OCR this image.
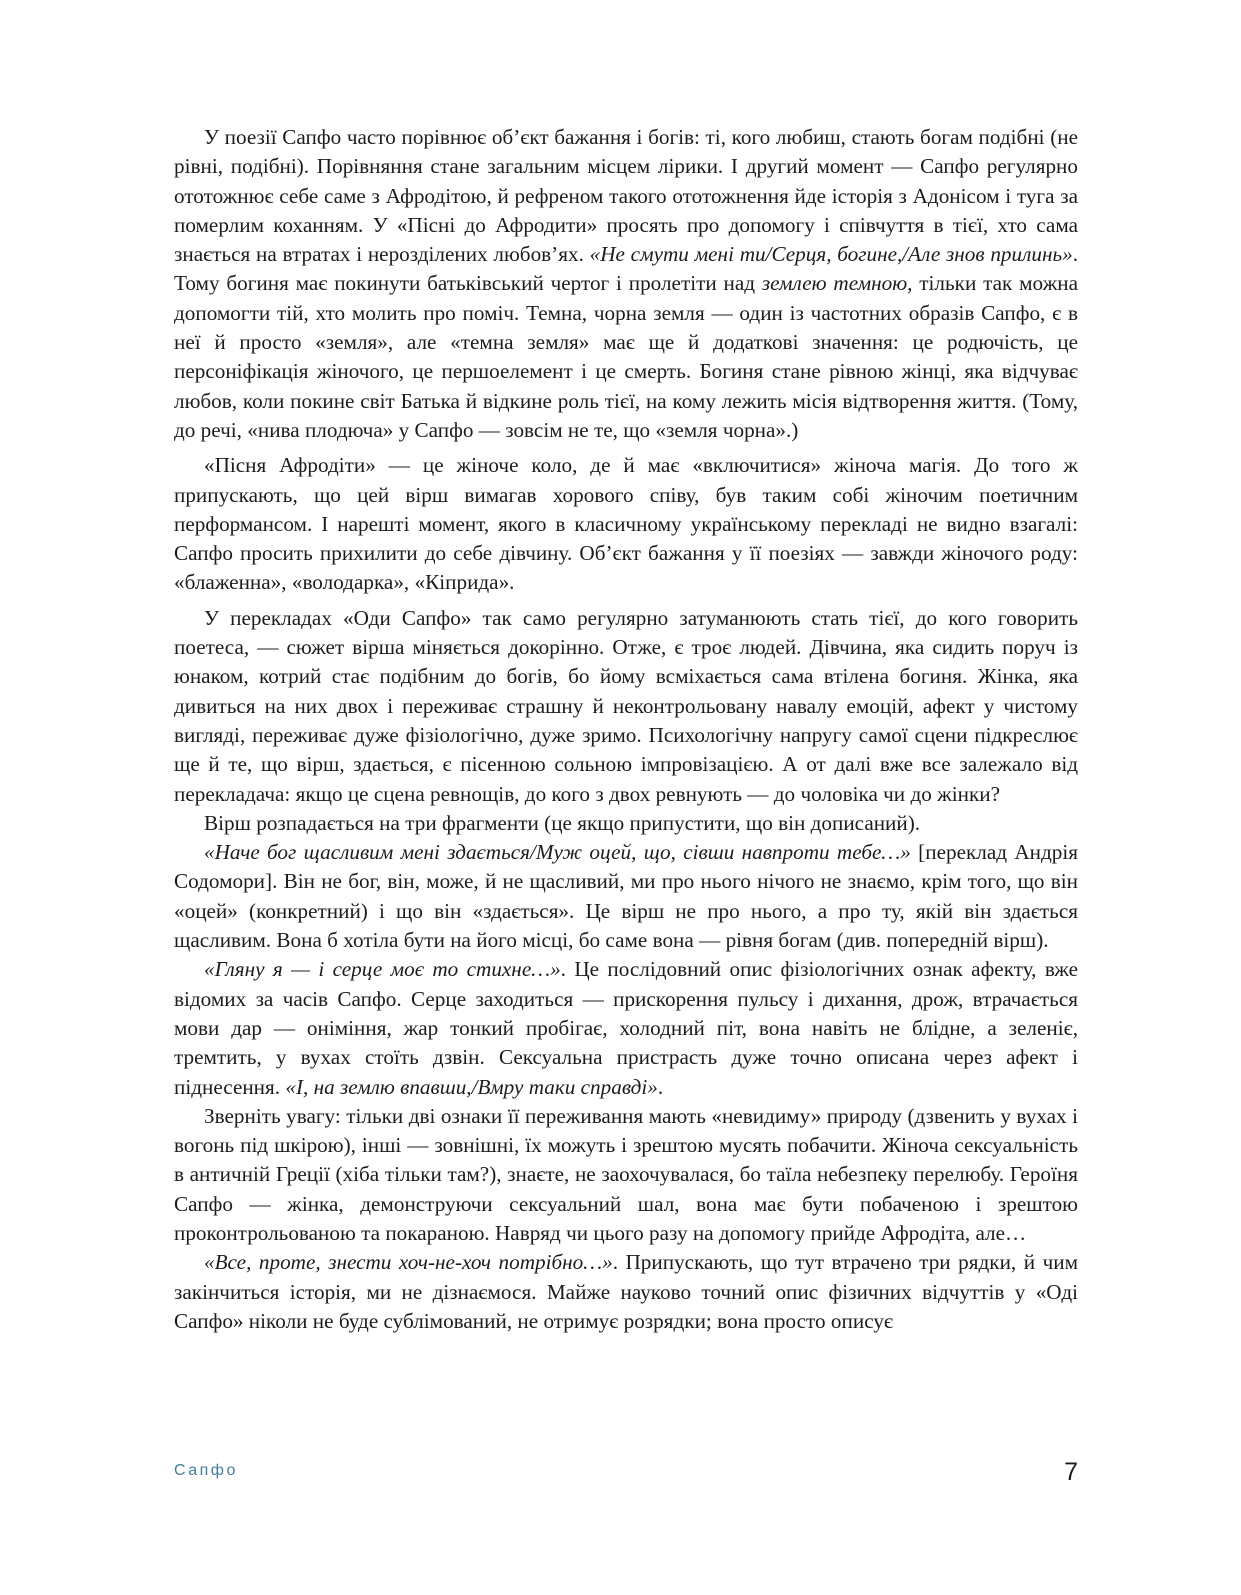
У поезії Сапфо часто порівнює об’єкт бажання і богів: ті, кого любиш, стають богам подібні (не рівні, подібні). Порівняння стане загальним місцем лірики. І другий момент — Сапфо регулярно ототожнює себе саме з Афродітою, й рефреном такого ототожнення йде історія з Адонісом і туга за померлим коханням. У «Пісні до Афродити» просять про допомогу і співчуття в тієї, хто сама знається на втратах і нерозділених любов’ях. «Не смути мені ти/Серця, богине,/Але знов прилинь». Тому богиня має покинути батьківський чертог і пролетіти над землею темною, тільки так можна допомогти тій, хто молить про поміч. Темна, чорна земля — один із частотних образів Сапфо, є в неї й просто «земля», але «темна земля» має ще й додаткові значення: це родючість, це персоніфікація жіночого, це першоелемент і це смерть. Богиня стане рівною жінці, яка відчуває любов, коли покине світ Батька й відкине роль тієї, на кому лежить місія відтворення життя. (Тому, до речі, «нива плодюча» у Сапфо — зовсім не те, що «земля чорна».)

«Пісня Афродіти» — це жіноче коло, де й має «включитися» жіноча магія. До того ж припускають, що цей вірш вимагав хорового співу, був таким собі жіночим поетичним перформансом. І нарешті момент, якого в класичному українському перекладі не видно взагалі: Сапфо просить прихилити до себе дівчину. Об’єкт бажання у її поезіях — завжди жіночого роду: «блаженна», «володарка», «Кіприда».

У перекладах «Оди Сапфо» так само регулярно затуманюють стать тієї, до кого говорить поетеса, — сюжет вірша міняється докорінно. Отже, є троє людей. Дівчина, яка сидить поруч із юнаком, котрий стає подібним до богів, бо йому всміхається сама втілена богиня. Жінка, яка дивиться на них двох і переживає страшну й неконтрольовану навалу емоцій, афект у чистому вигляді, переживає дуже фізіологічно, дуже зримо. Психологічну напругу самої сцени підкреслює ще й те, що вірш, здається, є пісенною сольною імпровізацією. А от далі вже все залежало від перекладача: якщо це сцена ревнощів, до кого з двох ревнують — до чоловіка чи до жінки?

Вірш розпадається на три фрагменти (це якщо припустити, що він дописаний).

«Наче бог щасливим мені здається/Муж оцей, що, сівши навпроти тебе…» [переклад Андрія Содомори]. Він не бог, він, може, й не щасливий, ми про нього нічого не знаємо, крім того, що він «оцей» (конкретний) і що він «здається». Це вірш не про нього, а про ту, якій він здається щасливим. Вона б хотіла бути на його місці, бо саме вона — рівня богам (див. попередній вірш).

«Гляну я — і серце моє то стихне…». Це послідовний опис фізіологічних ознак афекту, вже відомих за часів Сапфо. Серце заходиться — прискорення пульсу і дихання, дрож, втрачається мови дар — оніміння, жар тонкий пробігає, холодний піт, вона навіть не блідне, а зеленіє, тремтить, у вухах стоїть дзвін. Сексуальна пристрасть дуже точно описана через афект і піднесення. «І, на землю впавши,/Вмру таки справді».

Зверніть увагу: тільки дві ознаки її переживання мають «невидиму» природу (дзвенить у вухах і вогонь під шкірою), інші — зовнішні, їх можуть і зрештою мусять побачити. Жіноча сексуальність в античній Греції (хіба тільки там?), знаєте, не заохочувалася, бо таїла небезпеку перелюбу. Героїня Сапфо — жінка, демонструючи сексуальний шал, вона має бути побаченою і зрештою проконтрольованою та покараною. Навряд чи цього разу на допомогу прийде Афродіта, але…

«Все, проте, знести хоч-не-хоч потрібно…». Припускають, що тут втрачено три рядки, й чим закінчиться історія, ми не дізнаємося. Майже науково точний опис фізичних відчуттів у «Оді Сапфо» ніколи не буде сублімований, не отримує розрядки; вона просто описує

Сапфо	7
